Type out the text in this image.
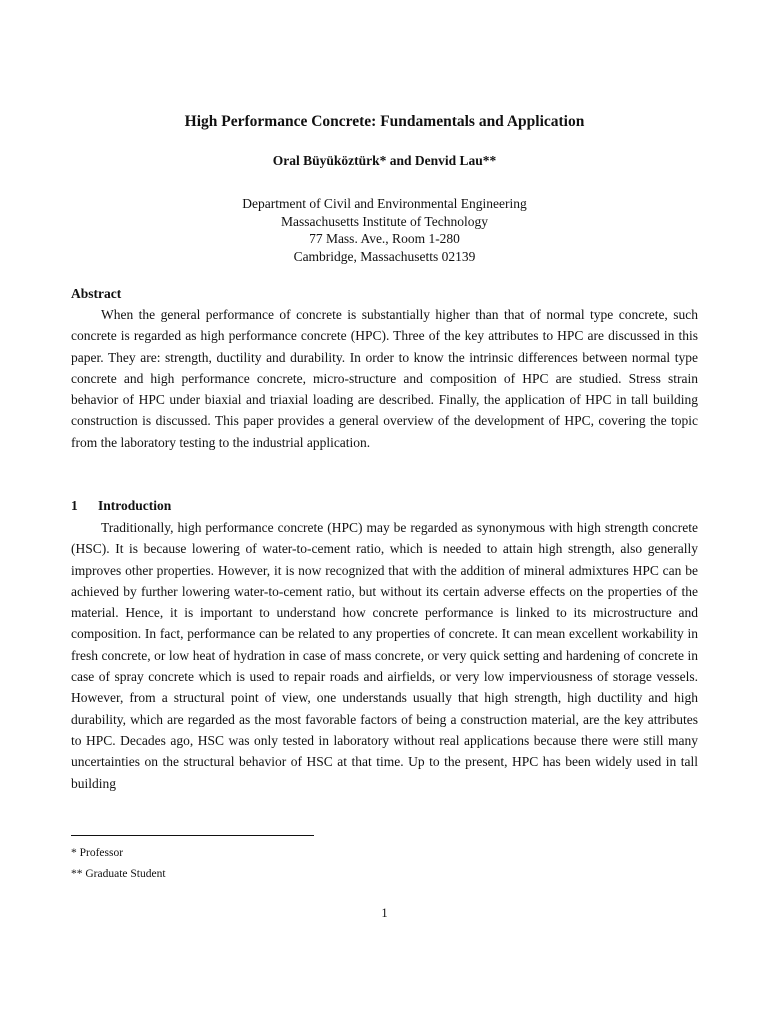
High Performance Concrete: Fundamentals and Application

Oral Büyüköztürk* and Denvid Lau**

Department of Civil and Environmental Engineering
Massachusetts Institute of Technology
77 Mass. Ave., Room 1-280
Cambridge, Massachusetts 02139
Abstract

When the general performance of concrete is substantially higher than that of normal type concrete, such concrete is regarded as high performance concrete (HPC). Three of the key attributes to HPC are discussed in this paper. They are: strength, ductility and durability. In order to know the intrinsic differences between normal type concrete and high performance concrete, micro-structure and composition of HPC are studied. Stress strain behavior of HPC under biaxial and triaxial loading are described. Finally, the application of HPC in tall building construction is discussed. This paper provides a general overview of the development of HPC, covering the topic from the laboratory testing to the industrial application.

1 Introduction

Traditionally, high performance concrete (HPC) may be regarded as synonymous with high strength concrete (HSC). It is because lowering of water-to-cement ratio, which is needed to attain high strength, also generally improves other properties. However, it is now recognized that with the addition of mineral admixtures HPC can be achieved by further lowering water-to-cement ratio, but without its certain adverse effects on the properties of the material. Hence, it is important to understand how concrete performance is linked to its microstructure and composition. In fact, performance can be related to any properties of concrete. It can mean excellent workability in fresh concrete, or low heat of hydration in case of mass concrete, or very quick setting and hardening of concrete in case of spray concrete which is used to repair roads and airfields, or very low imperviousness of storage vessels. However, from a structural point of view, one understands usually that high strength, high ductility and high durability, which are regarded as the most favorable factors of being a construction material, are the key attributes to HPC. Decades ago, HSC was only tested in laboratory without real applications because there were still many uncertainties on the structural behavior of HSC at that time. Up to the present, HPC has been widely used in tall building

* Professor
** Graduate Student
1
